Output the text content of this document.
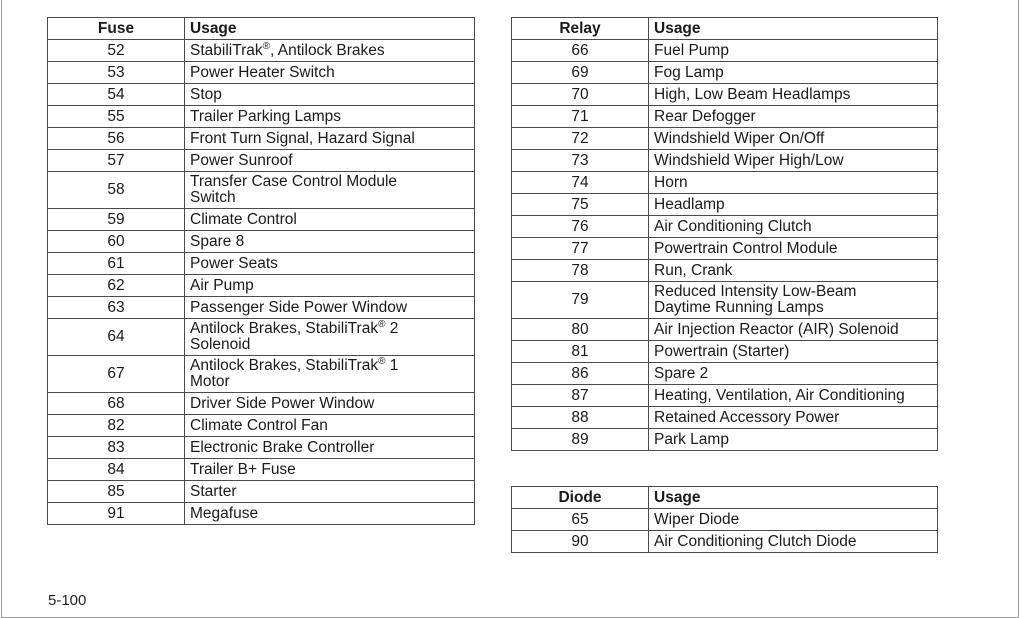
Fuse	Usage
52	StabiliTrak®, Antilock Brakes
53	Power Heater Switch
54	Stop
55	Trailer Parking Lamps
56	Front Turn Signal, Hazard Signal
57	Power Sunroof
58	Transfer Case Control Module
Switch
59	Climate Control
60	Spare 8
61	Power Seats
62	Air Pump
63	Passenger Side Power Window
64	Antilock Brakes, StabiliTrak® 2
Solenoid
67	Antilock Brakes, StabiliTrak® 1
Motor
68	Driver Side Power Window
82	Climate Control Fan
83	Electronic Brake Controller
84	Trailer B+ Fuse
85	Starter
91	Megafuse
Relay	Usage
66	Fuel Pump
69	Fog Lamp
70	High, Low Beam Headlamps
71	Rear Defogger
72	Windshield Wiper On/Off
73	Windshield Wiper High/Low
74	Horn
75	Headlamp
76	Air Conditioning Clutch
77	Powertrain Control Module
78	Run, Crank
79	Reduced Intensity Low-Beam
Daytime Running Lamps
80	Air Injection Reactor (AIR) Solenoid
81	Powertrain (Starter)
86	Spare 2
87	Heating, Ventilation, Air Conditioning
88	Retained Accessory Power
89	Park Lamp
Diode	Usage
65	Wiper Diode
90	Air Conditioning Clutch Diode
5-100
